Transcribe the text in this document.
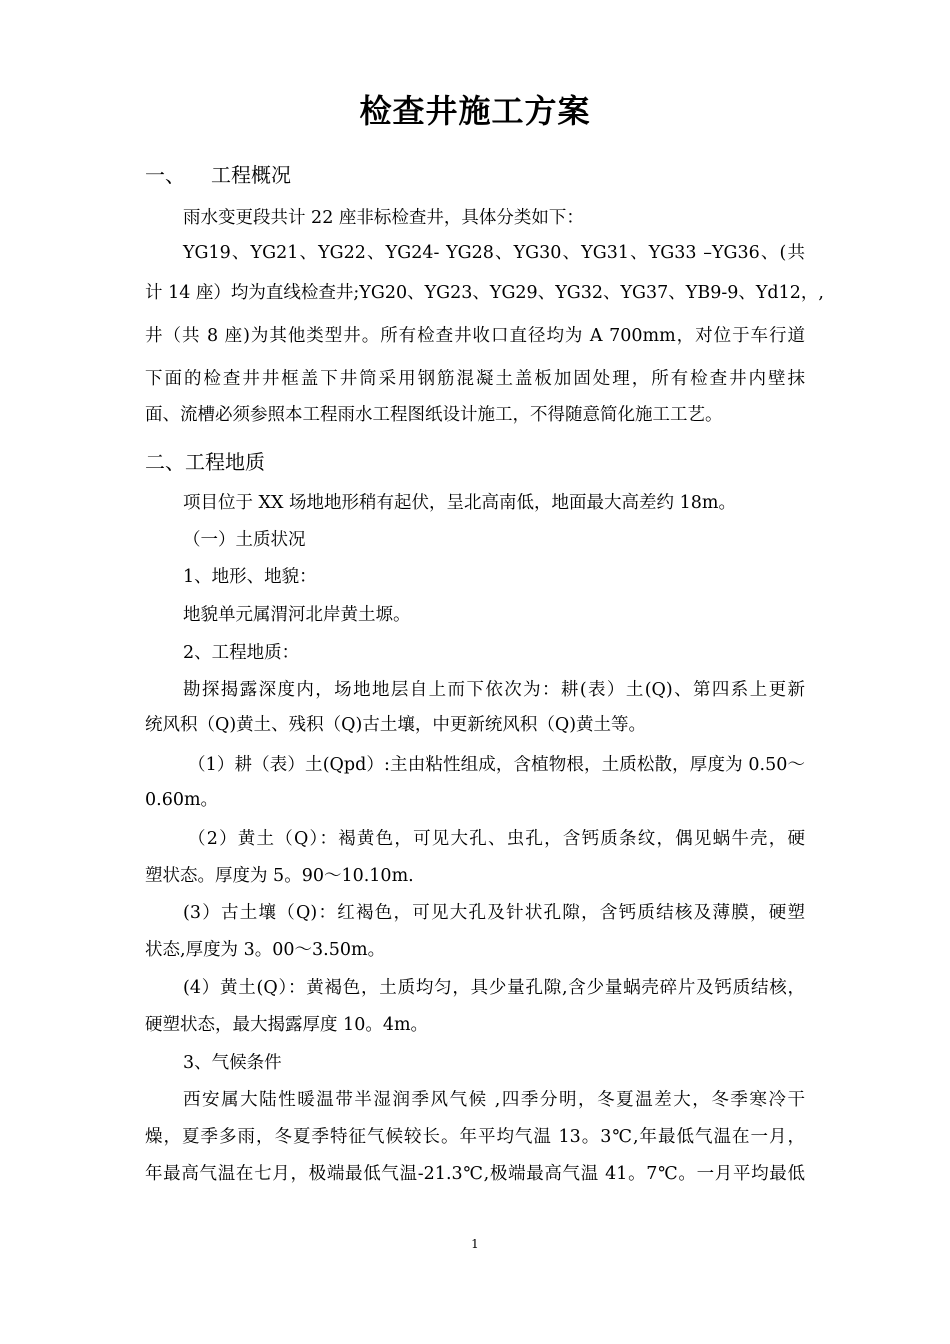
检查井施工方案
一、 工程概况
雨水变更段共计 22 座非标检查井，具体分类如下：
YG19、YG21、YG22、YG24- YG28、YG30、YG31、YG33 –YG36、(共
计 14 座）均为直线检查井;YG20、YG23、YG29、YG32、YG37、YB9-9、Yd12，,
井（共 8 座)为其他类型井。所有检查井收口直径均为 A 700mm，对位于车行道
下面的检查井井框盖下井筒采用钢筋混凝土盖板加固处理，所有检查井内壁抹
面、流槽必须参照本工程雨水工程图纸设计施工，不得随意简化施工工艺。
二、工程地质
项目位于 XX 场地地形稍有起伏，呈北高南低，地面最大高差约 18m。
（一）土质状况
1、地形、地貌：
地貌单元属渭河北岸黄土塬。
2、工程地质：
勘探揭露深度内，场地地层自上而下依次为：耕(表）土(Q)、第四系上更新
统风积（Q)黄土、残积（Q)古土壤，中更新统风积（Q)黄土等。
（1）耕（表）土(Qpd）:主由粘性组成，含植物根，土质松散，厚度为 0.50～
0.60m。
（2）黄土（Q）：褐黄色，可见大孔、虫孔，含钙质条纹，偶见蜗牛壳，硬
塑状态。厚度为 5。90～10.10m.
(3）古土壤（Q)：红褐色，可见大孔及针状孔隙，含钙质结核及薄膜，硬塑
状态,厚度为 3。00～3.50m。
(4）黄土(Q）：黄褐色，土质均匀，具少量孔隙,含少量蜗壳碎片及钙质结核，
硬塑状态，最大揭露厚度 10。4m。
3、气候条件
西安属大陆性暖温带半湿润季风气候 ,四季分明，冬夏温差大，冬季寒冷干
燥，夏季多雨，冬夏季特征气候较长。年平均气温 13。3℃,年最低气温在一月，
年最高气温在七月，极端最低气温-21.3℃,极端最高气温 41。7℃。一月平均最低
1
